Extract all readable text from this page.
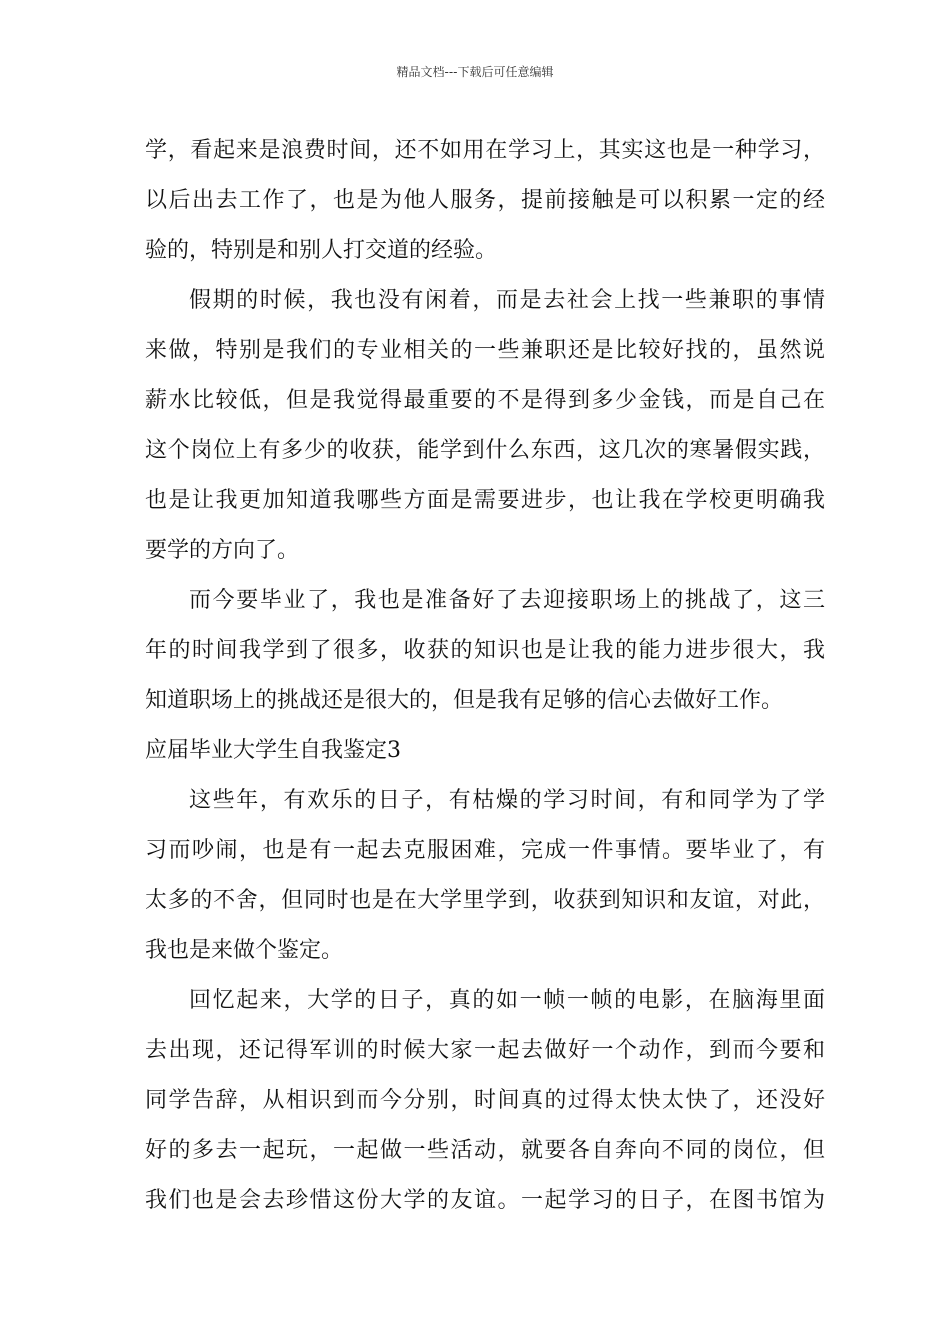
精品文档---下载后可任意编辑
学，看起来是浪费时间，还不如用在学习上，其实这也是一种学习，
以后出去工作了，也是为他人服务，提前接触是可以积累一定的经
验的，特别是和别人打交道的经验。
假期的时候，我也没有闲着，而是去社会上找一些兼职的事情
来做，特别是我们的专业相关的一些兼职还是比较好找的，虽然说
薪水比较低，但是我觉得最重要的不是得到多少金钱，而是自己在
这个岗位上有多少的收获，能学到什么东西，这几次的寒暑假实践，
也是让我更加知道我哪些方面是需要进步，也让我在学校更明确我
要学的方向了。
而今要毕业了，我也是准备好了去迎接职场上的挑战了，这三
年的时间我学到了很多，收获的知识也是让我的能力进步很大，我
知道职场上的挑战还是很大的，但是我有足够的信心去做好工作。
应届毕业大学生自我鉴定3
这些年，有欢乐的日子，有枯燥的学习时间，有和同学为了学
习而吵闹，也是有一起去克服困难，完成一件事情。要毕业了，有
太多的不舍，但同时也是在大学里学到，收获到知识和友谊，对此，
我也是来做个鉴定。
回忆起来，大学的日子，真的如一帧一帧的电影，在脑海里面
去出现，还记得军训的时候大家一起去做好一个动作，到而今要和
同学告辞，从相识到而今分别，时间真的过得太快太快了，还没好
好的多去一起玩，一起做一些活动，就要各自奔向不同的岗位，但
我们也是会去珍惜这份大学的友谊。一起学习的日子，在图书馆为
